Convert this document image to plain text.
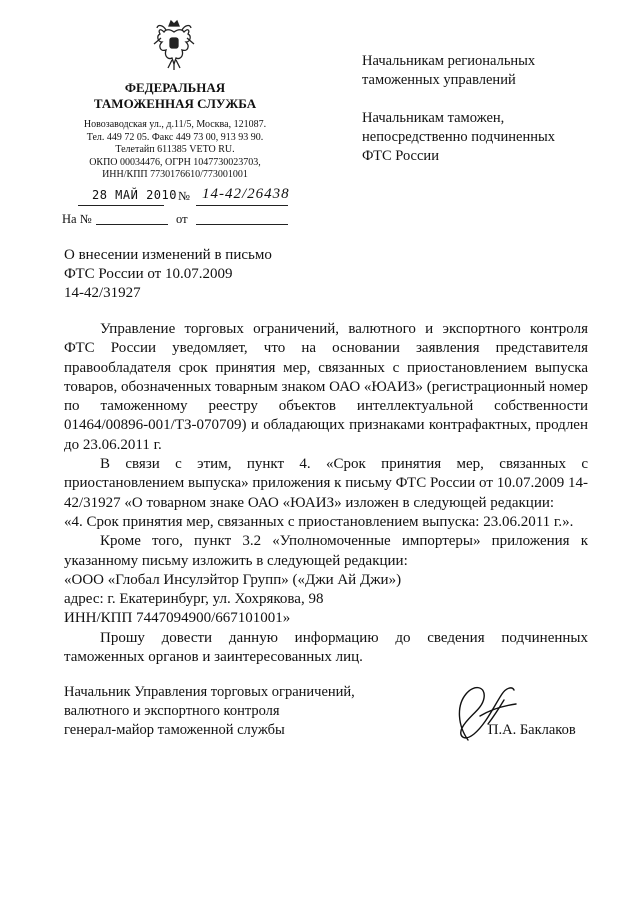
ФЕДЕРАЛЬНАЯ
ТАМОЖЕННАЯ СЛУЖБА
Новозаводская ул., д.11/5, Москва, 121087.
Тел. 449 72 05. Факс 449 73 00, 913 93 90.
Телетайп 611385 VETO RU.
ОКПО 00034476, ОГРН 1047730023703,
ИНН/КПП 7730176610/773001001
28 МАЙ 2010 № 14-42/26438
На №	от
Начальникам региональных
таможенных управлений
Начальникам таможен,
непосредственно подчиненных
ФТС России
О внесении изменений в письмо
ФТС России от 10.07.2009
14-42/31927
Управление торговых ограничений, валютного и экспортного контроля ФТС России уведомляет, что на основании заявления представителя правообладателя срок принятия мер, связанных с приостановлением выпуска товаров, обозначенных товарным знаком ОАО «ЮАИЗ» (регистрационный номер по таможенному реестру объектов интеллектуальной собственности 01464/00896-001/ТЗ-070709) и обладающих признаками контрафактных, продлен до 23.06.2011 г.
В связи с этим, пункт 4. «Срок принятия мер, связанных с приостановлением выпуска» приложения к письму ФТС России от 10.07.2009 14-42/31927 «О товарном знаке ОАО «ЮАИЗ» изложен в следующей редакции:
«4. Срок принятия мер, связанных с приостановлением выпуска: 23.06.2011 г.».
Кроме того, пункт 3.2 «Уполномоченные импортеры» приложения к указанному письму изложить в следующей редакции:
«ООО «Глобал Инсулэйтор Групп» («Джи Ай Джи»)
адрес: г. Екатеринбург, ул. Хохрякова, 98
ИНН/КПП 7447094900/667101001»
Прошу довести данную информацию до сведения подчиненных таможенных органов и заинтересованных лиц.
Начальник Управления торговых ограничений,
валютного и экспортного контроля
генерал-майор таможенной службы	П.А. Баклаков
